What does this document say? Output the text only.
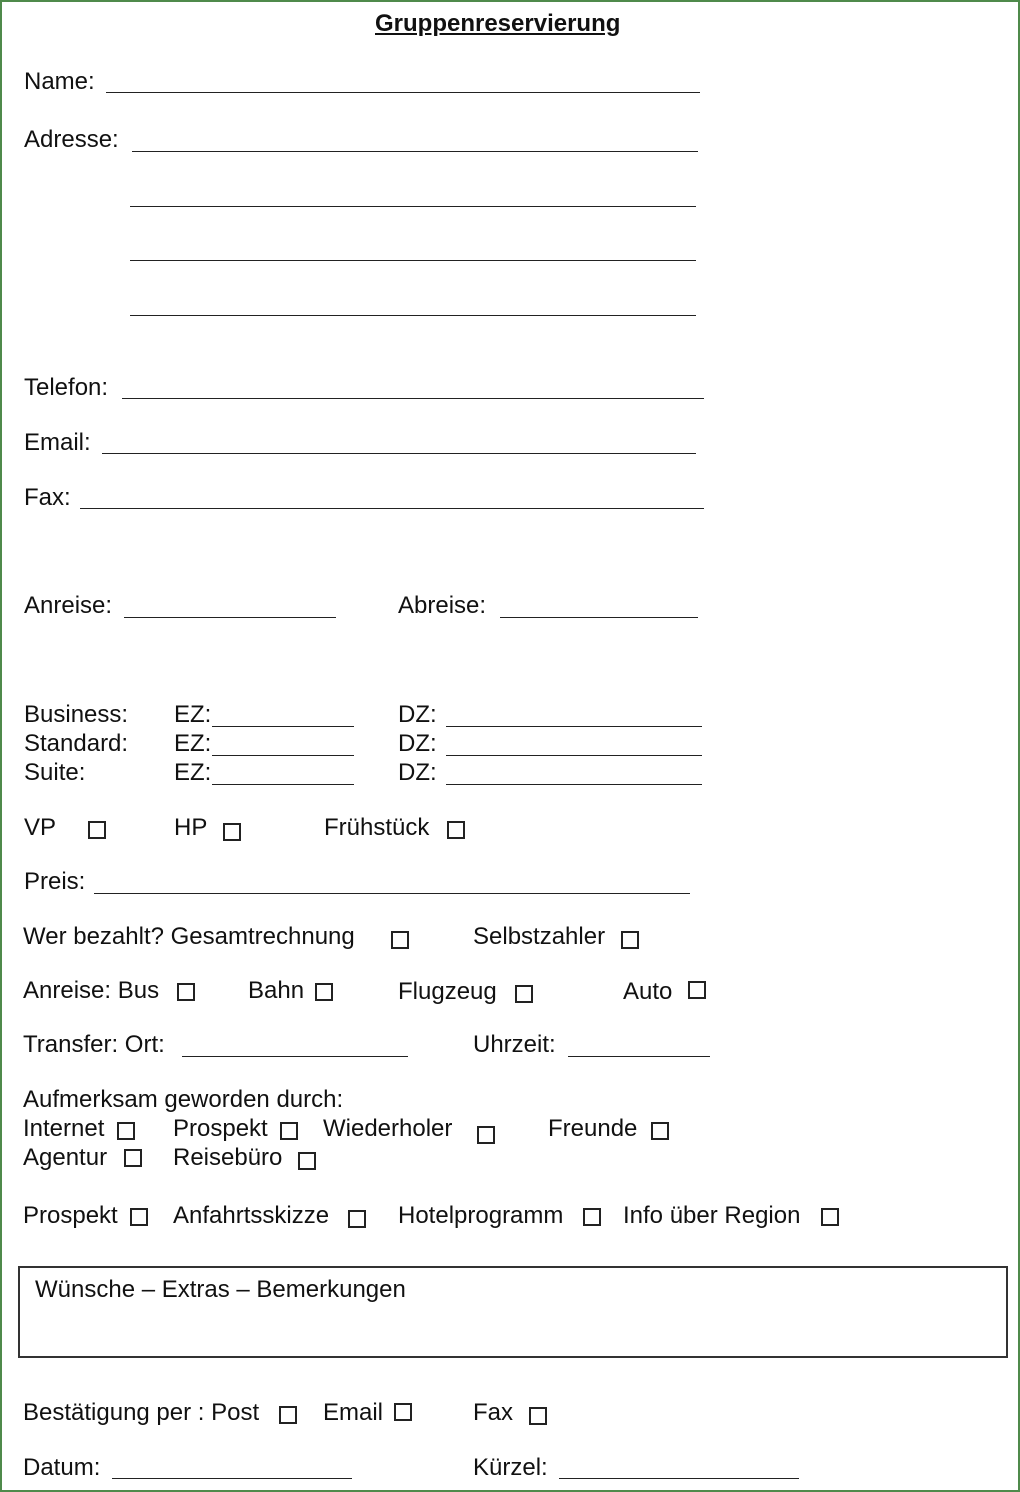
Gruppenreservierung
Name:
Adresse:
Telefon:
Email:
Fax:
Anreise:	Abreise:
Business: EZ:	DZ:
Standard: EZ:	DZ:
Suite:	EZ:	DZ:
VP	HP	Frühstück
Preis:
Wer bezahlt? Gesamtrechnung	Selbstzahler
Anreise: Bus	Bahn	Flugzeug	Auto
Transfer: Ort:	Uhrzeit:
Aufmerksam geworden durch:
Internet	Prospekt Wiederholer	Freunde
Agentur	Reisebüro
Prospekt Anfahrtsskizze	Hotelprogramm Info über Region
Wünsche – Extras – Bemerkungen
Bestätigung per : Post	Email	Fax
Datum:	Kürzel:
